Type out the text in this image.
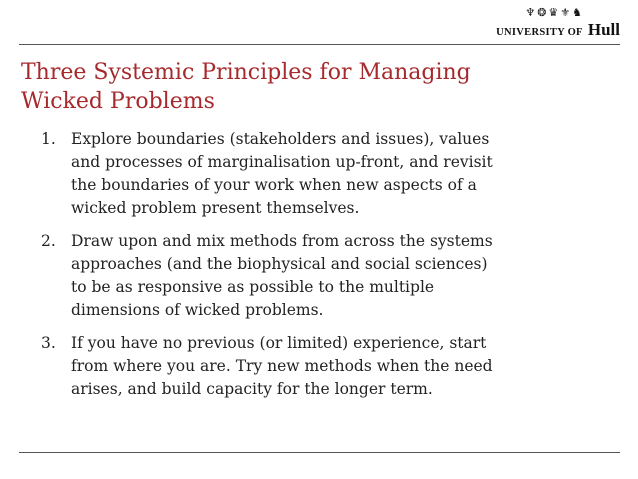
♆❂♛⚜♞
UNIVERSITY OF Hull
Three Systemic Principles for Managing
Wicked Problems
1. Explore boundaries (stakeholders and issues), values
and processes of marginalisation up-front, and revisit
the boundaries of your work when new aspects of a
wicked problem present themselves.
2. Draw upon and mix methods from across the systems
approaches (and the biophysical and social sciences)
to be as responsive as possible to the multiple
dimensions of wicked problems.
3. If you have no previous (or limited) experience, start
from where you are. Try new methods when the need
arises, and build capacity for the longer term.
